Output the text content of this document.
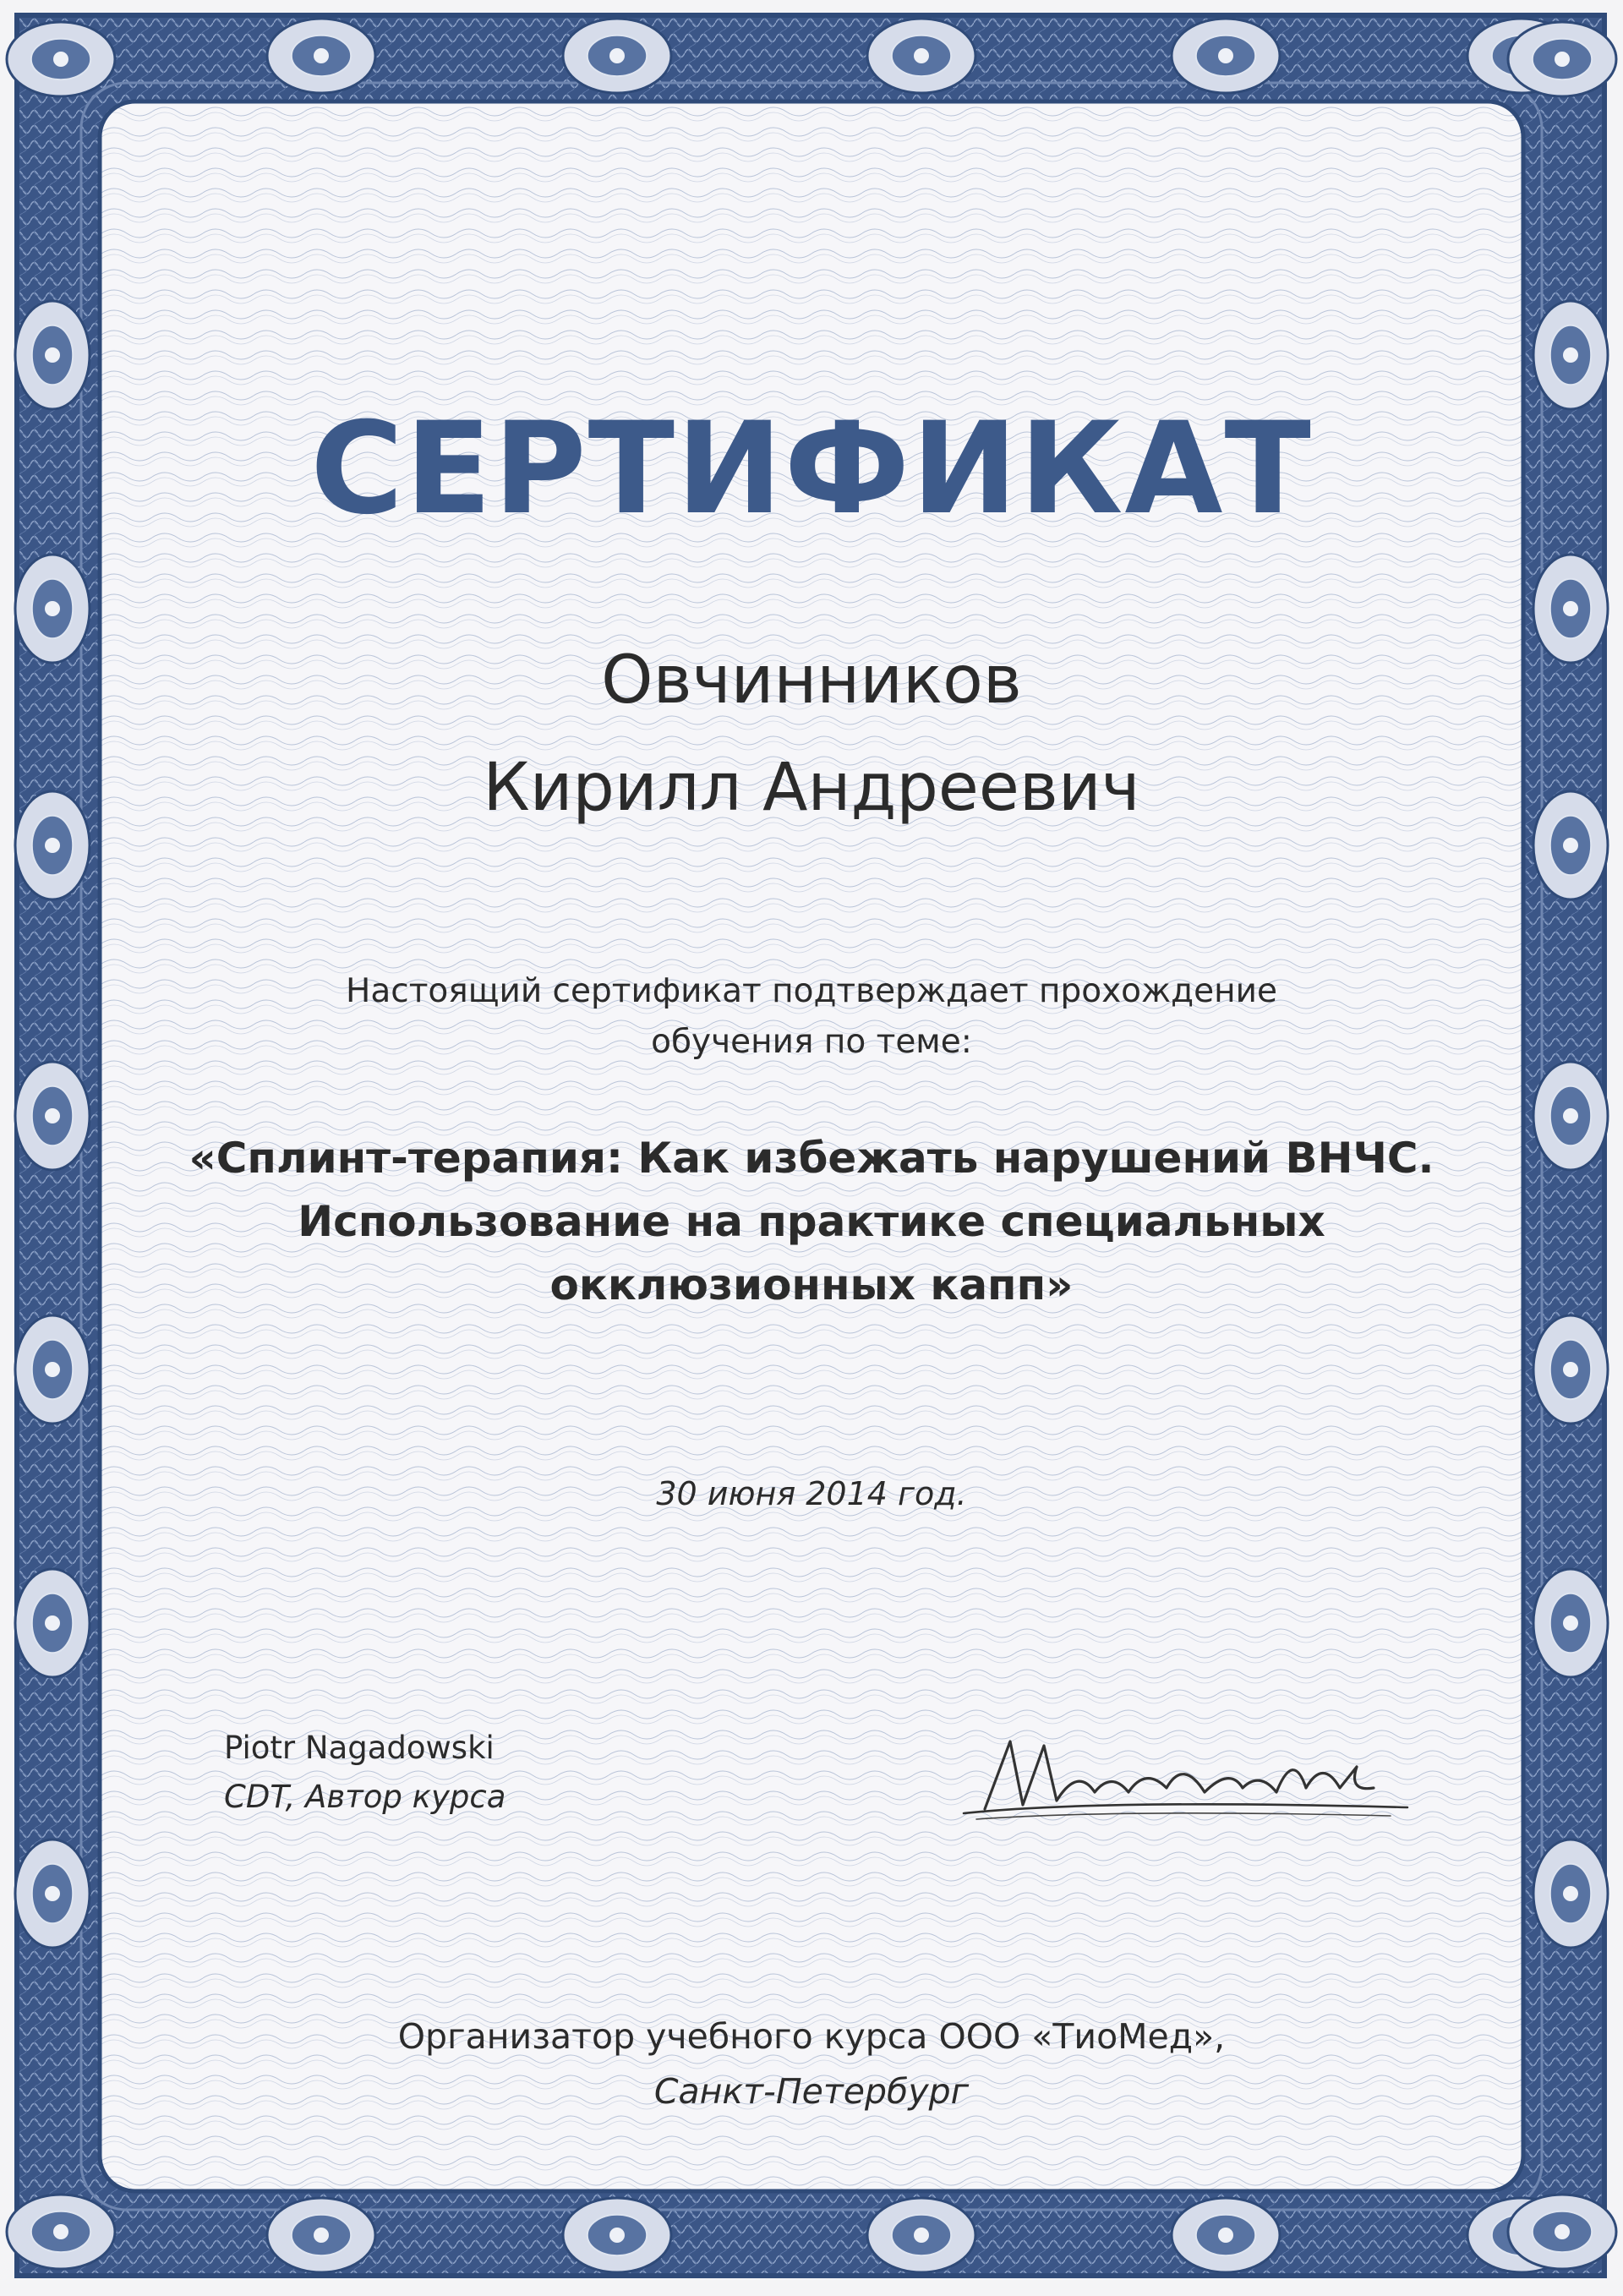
СЕРТИФИКАТ
Овчинников
Кирилл Андреевич
Настоящий сертификат подтверждает прохождение
обучения по теме:
«Сплинт-терапия: Как избежать нарушений ВНЧС.
Использование на практике специальных
окклюзионных капп»
30 июня 2014 год.
Piotr Nagadowski
CDT, Автор курса
Организатор учебного курса ООО «ТиоМед»,
Санкт-Петербург
